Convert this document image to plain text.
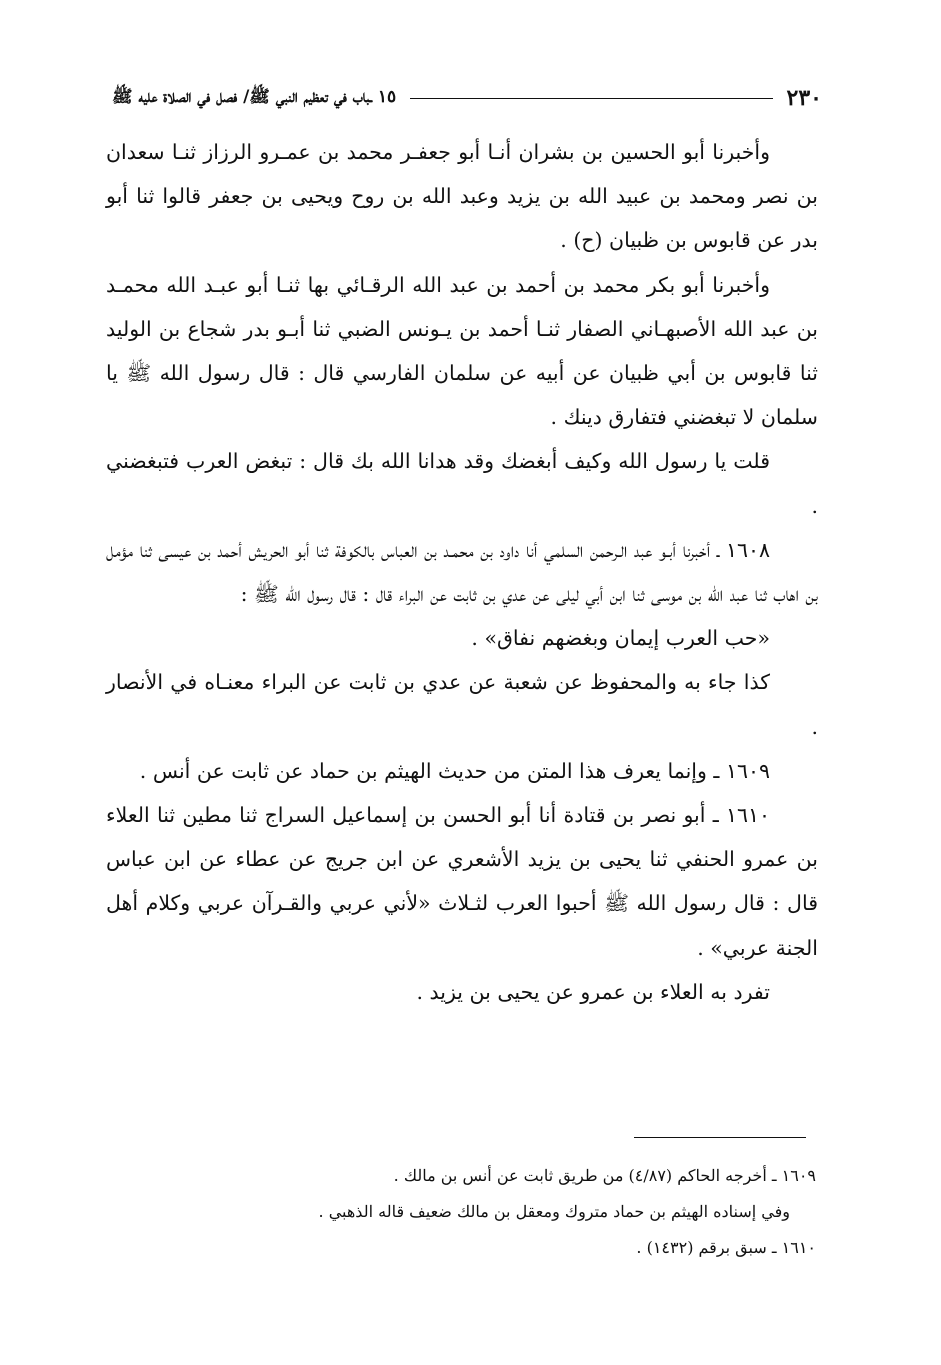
٢٣٠
١٥ ـباب في تعظيم النبي ﷺ/ فصل في الصلاة عليه ﷺ

وأخبرنا أبو الحسين بن بشران أنـا أبو جعفـر محمد بن عمـرو الرزاز ثنـا سعدان بن نصر ومحمد بن عبيد الله بن يزيد وعبد الله بن روح ويحيى بن جعفر قالوا ثنا أبو بدر عن قابوس بن ظبيان (ح) .

وأخبرنا أبو بكر محمد بن أحمد بن عبد الله الرقـائي بها ثنـا أبو عبـد الله محمـد بن عبد الله الأصبهـاني الصفار ثنـا أحمد بن يـونس الضبي ثنا أبـو بدر شجاع بن الوليد ثنا قابوس بن أبي ظبيان عن أبيه عن سلمان الفارسي قال : قال رسول الله ﷺ يا سلمان لا تبغضني فتفارق دينك .

قلت يا رسول الله وكيف أبغضك وقد هدانا الله بك قال : تبغض العرب فتبغضني .

١٦٠٨ ـ أخبرنا أبـو عبد الـرحمن السلمي أنا داود بن محمـد بن العباس بالكوفة ثنا أبو الحريش أحمد بن عيسى ثنا مؤمل بن اهاب ثنا عبد الله بن موسى ثنا ابن أبي ليلى عن عدي بن ثابت عن البراء قال : قال رسول الله ﷺ :

«حب العرب إيمان وبغضهم نفاق» .

كذا جاء به والمحفوظ عن شعبة عن عدي بن ثابت عن البراء معنـاه في الأنصار .

١٦٠٩ ـ وإنما يعرف هذا المتن من حديث الهيثم بن حماد عن ثابت عن أنس .

١٦١٠ ـ أبو نصر بن قتادة أنا أبو الحسن بن إسماعيل السراج ثنا مطين ثنا العلاء بن عمرو الحنفي ثنا يحيى بن يزيد الأشعري عن ابن جريج عن عطاء عن ابن عباس قال : قال رسول الله ﷺ أحبوا العرب لثـلاث «لأني عربي والقـرآن عربي وكلام أهل الجنة عربي» .

تفرد به العلاء بن عمرو عن يحيى بن يزيد .

١٦٠٩ ـ أخرجه الحاكم (٤/٨٧) من طريق ثابت عن أنس بن مالك .

وفي إسناده الهيثم بن حماد متروك ومعقل بن مالك ضعيف قاله الذهبي .

١٦١٠ ـ سبق برقم (١٤٣٢) .
